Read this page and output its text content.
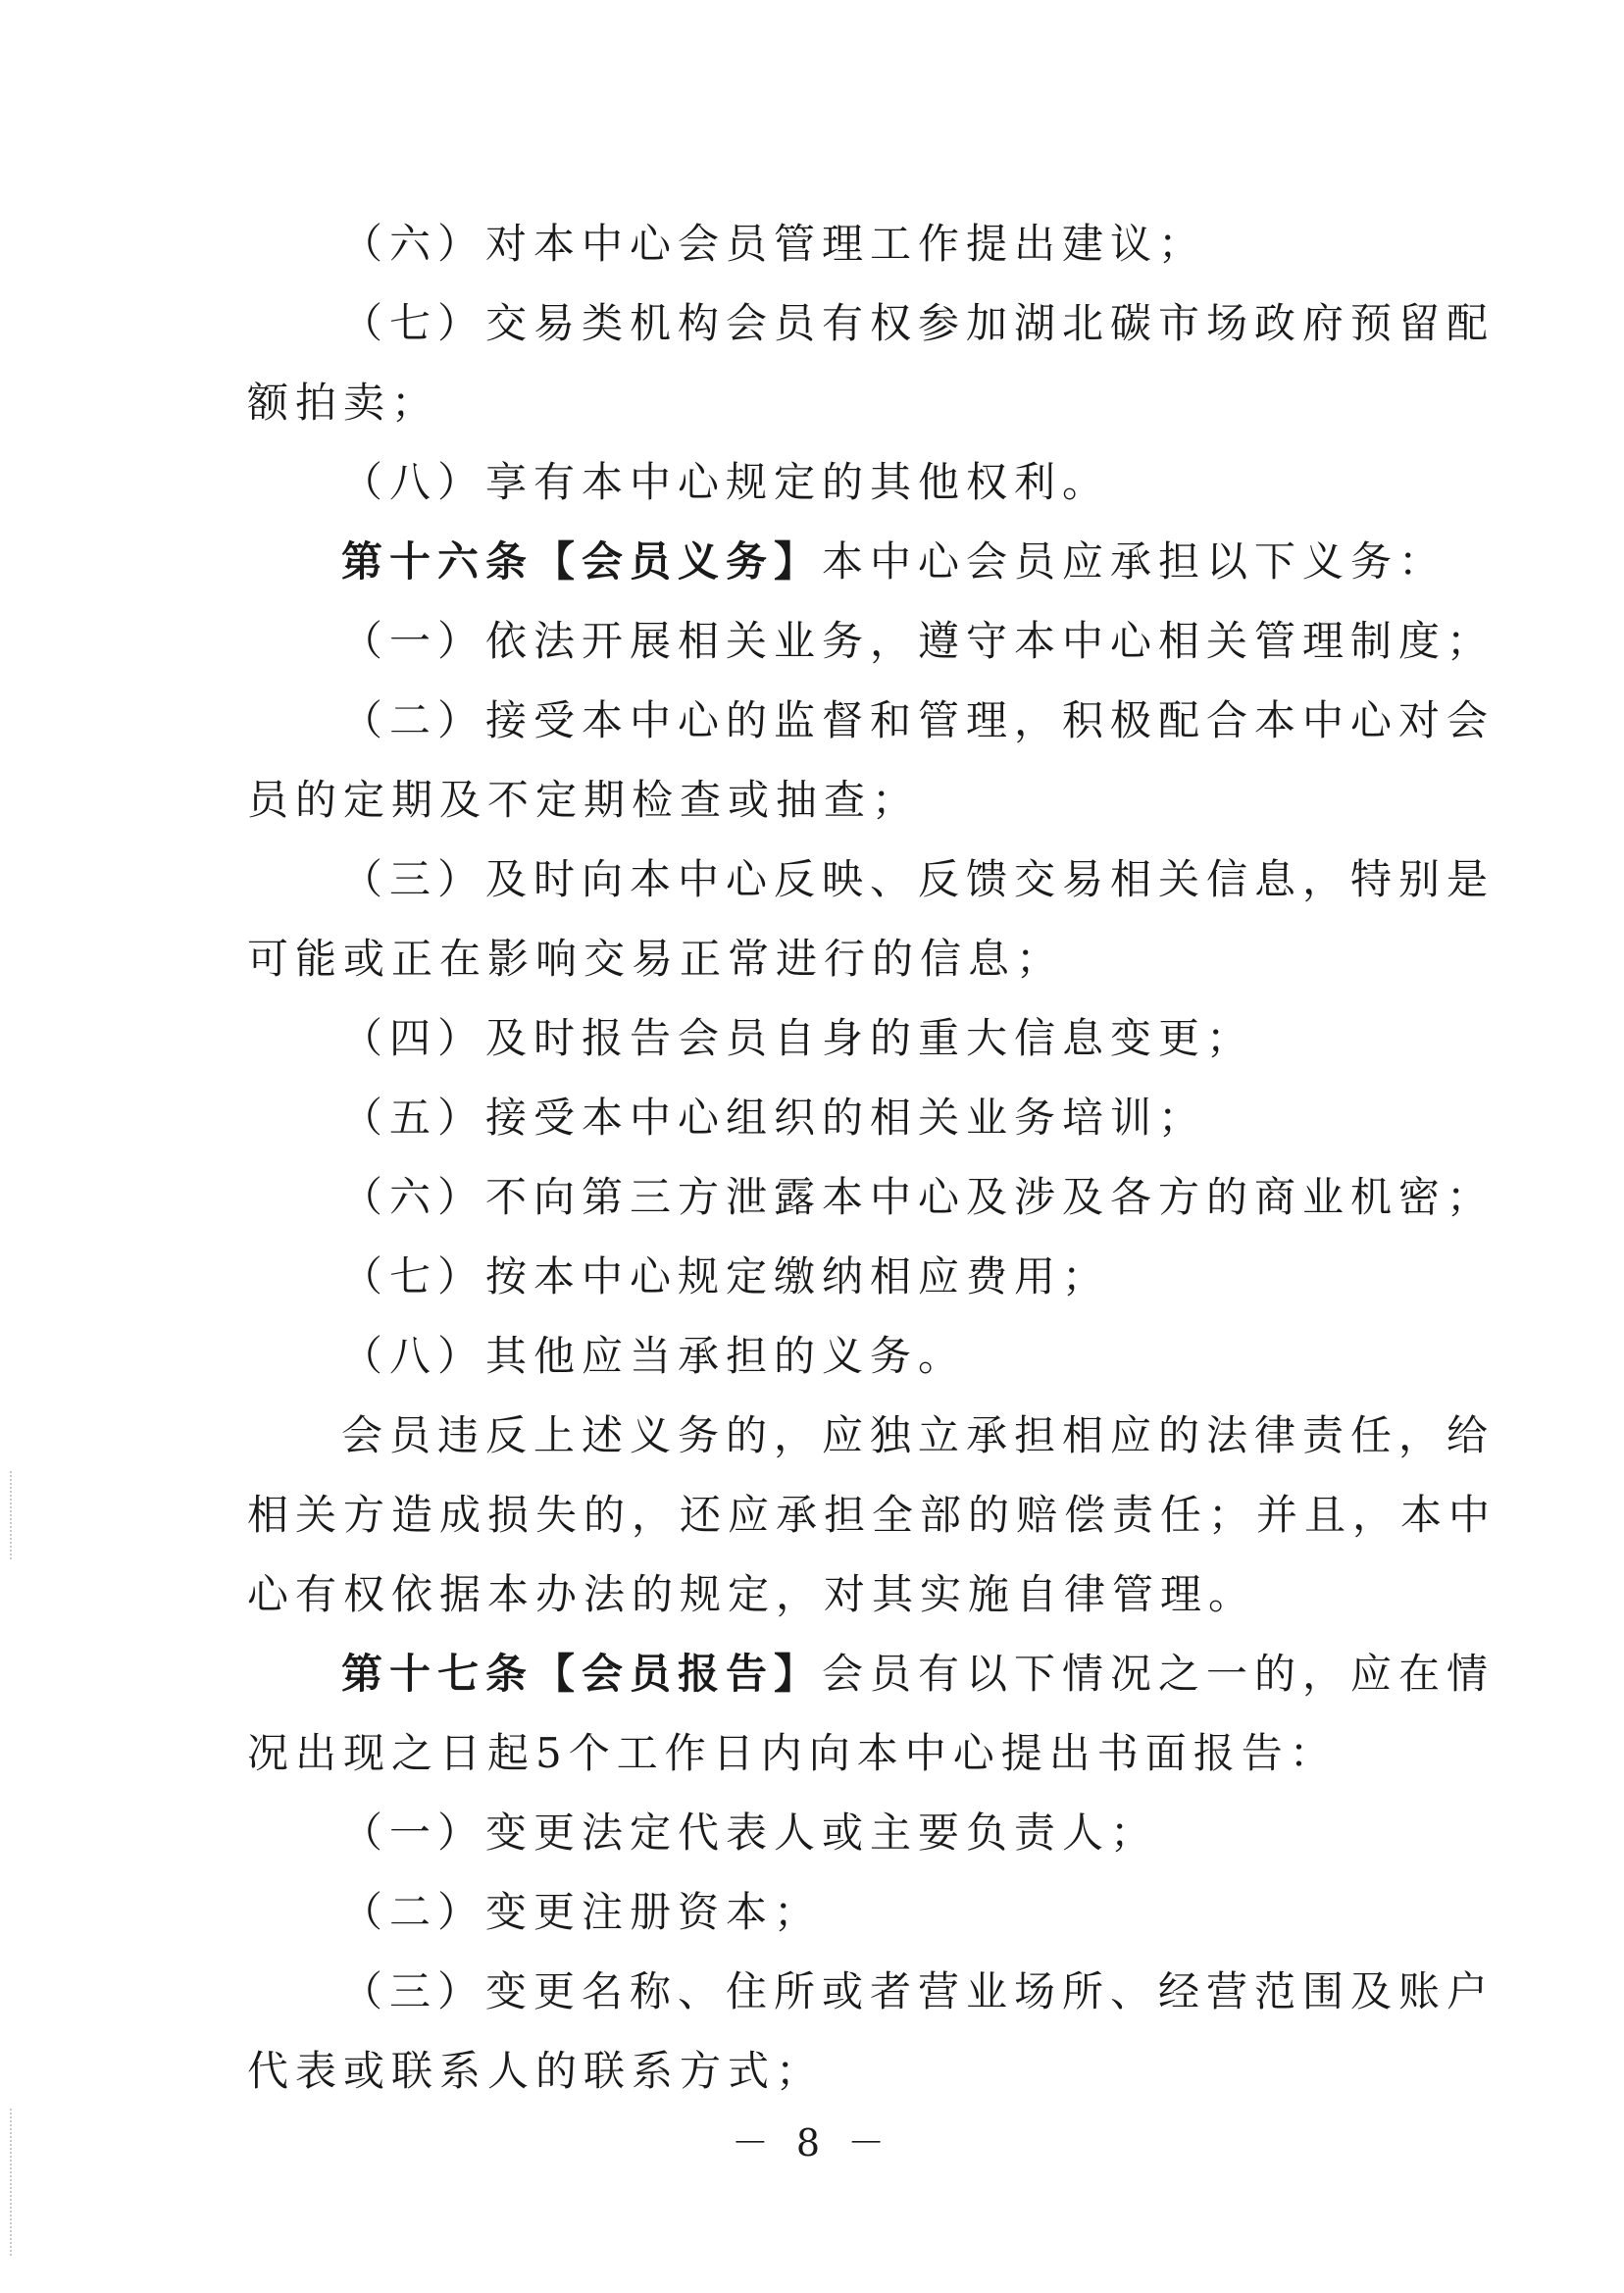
（六）对本中心会员管理工作提出建议；
（七）交易类机构会员有权参加湖北碳市场政府预留配
额拍卖；
（八）享有本中心规定的其他权利。
第十六条【会员义务】本中心会员应承担以下义务：
（一）依法开展相关业务，遵守本中心相关管理制度；
（二）接受本中心的监督和管理，积极配合本中心对会
员的定期及不定期检查或抽查；
（三）及时向本中心反映、反馈交易相关信息，特别是
可能或正在影响交易正常进行的信息；
（四）及时报告会员自身的重大信息变更；
（五）接受本中心组织的相关业务培训；
（六）不向第三方泄露本中心及涉及各方的商业机密；
（七）按本中心规定缴纳相应费用；
（八）其他应当承担的义务。
会员违反上述义务的，应独立承担相应的法律责任，给
相关方造成损失的，还应承担全部的赔偿责任；并且，本中
心有权依据本办法的规定，对其实施自律管理。
第十七条【会员报告】会员有以下情况之一的，应在情
况出现之日起5个工作日内向本中心提出书面报告：
（一）变更法定代表人或主要负责人；
（二）变更注册资本；
（三）变更名称、住所或者营业场所、经营范围及账户
代表或联系人的联系方式；
－ 8 －
